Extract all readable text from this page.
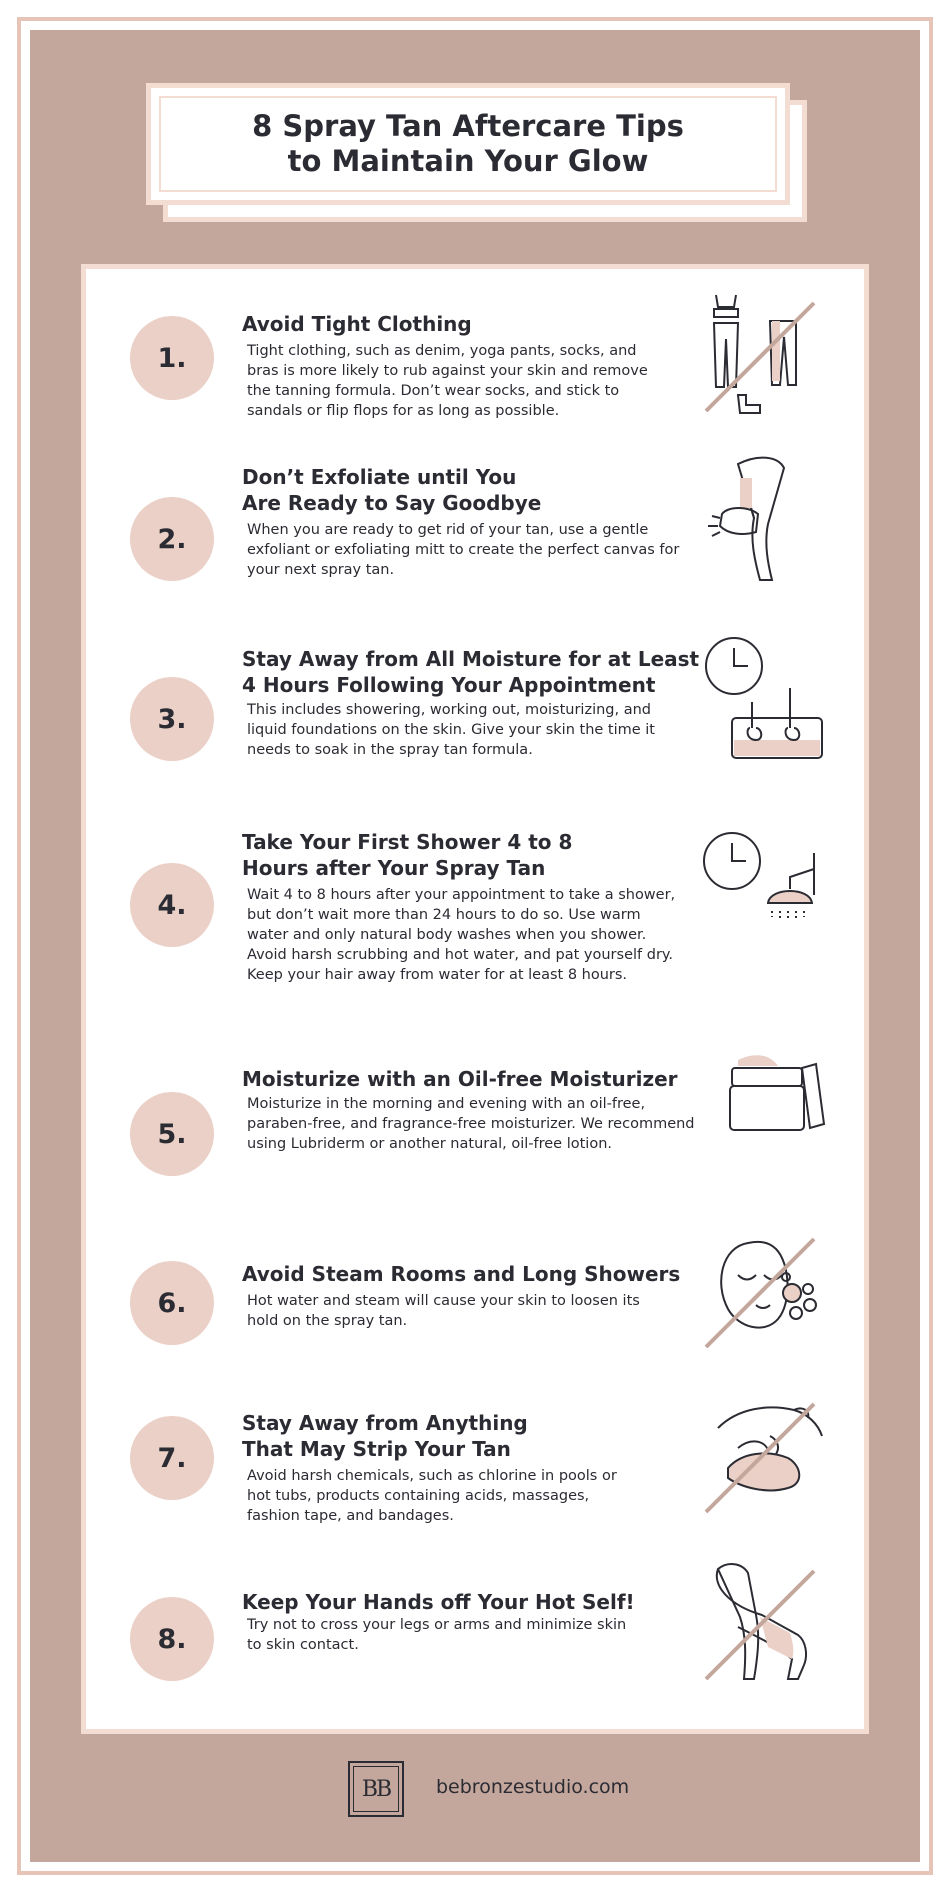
8 Spray Tan Aftercare Tips
to Maintain Your Glow
1.
Avoid Tight Clothing
Tight clothing, such as denim, yoga pants, socks, and
bras is more likely to rub against your skin and remove
the tanning formula. Don’t wear socks, and stick to
sandals or flip flops for as long as possible.
2.
Don’t Exfoliate until You
Are Ready to Say Goodbye
When you are ready to get rid of your tan, use a gentle
exfoliant or exfoliating mitt to create the perfect canvas for
your next spray tan.
3.
Stay Away from All Moisture for at Least
4 Hours Following Your Appointment
This includes showering, working out, moisturizing, and
liquid foundations on the skin. Give your skin the time it
needs to soak in the spray tan formula.
4.
Take Your First Shower 4 to 8
Hours after Your Spray Tan
Wait 4 to 8 hours after your appointment to take a shower,
but don’t wait more than 24 hours to do so. Use warm
water and only natural body washes when you shower.
Avoid harsh scrubbing and hot water, and pat yourself dry.
Keep your hair away from water for at least 8 hours.
5.
Moisturize with an Oil-free Moisturizer
Moisturize in the morning and evening with an oil-free,
paraben-free, and fragrance-free moisturizer. We recommend
using Lubriderm or another natural, oil-free lotion.
6.
Avoid Steam Rooms and Long Showers
Hot water and steam will cause your skin to loosen its
hold on the spray tan.
7.
Stay Away from Anything
That May Strip Your Tan
Avoid harsh chemicals, such as chlorine in pools or
hot tubs, products containing acids, massages,
fashion tape, and bandages.
8.
Keep Your Hands off Your Hot Self!
Try not to cross your legs or arms and minimize skin
to skin contact.
BB bebronzestudio.com
